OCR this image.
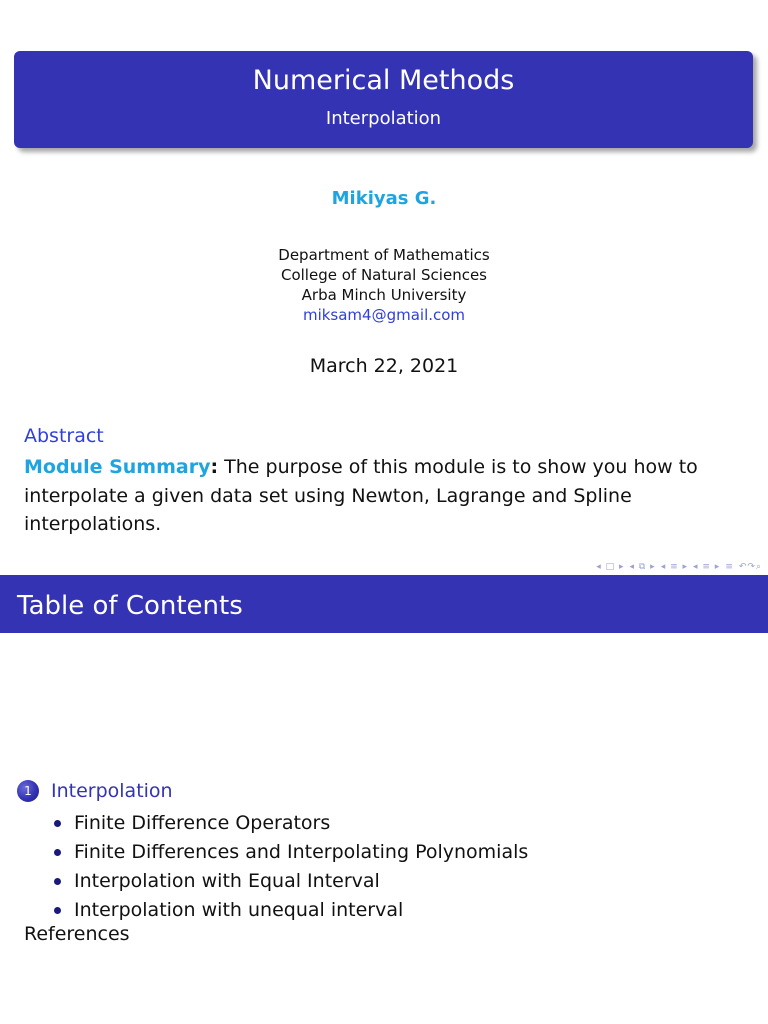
Numerical Methods
Interpolation
Mikiyas G.
Department of Mathematics
College of Natural Sciences
Arba Minch University
miksam4@gmail.com
March 22, 2021
Abstract
Module Summary: The purpose of this module is to show you how to interpolate a given data set using Newton, Lagrange and Spline interpolations.
◂ □ ▸ ◂ ⧉ ▸ ◂ ≡ ▸ ◂ ≡ ▸ ≡ ↶↷⌕
Table of Contents
1	Interpolation
Finite Difference Operators
Finite Differences and Interpolating Polynomials
Interpolation with Equal Interval
Interpolation with unequal interval
References
